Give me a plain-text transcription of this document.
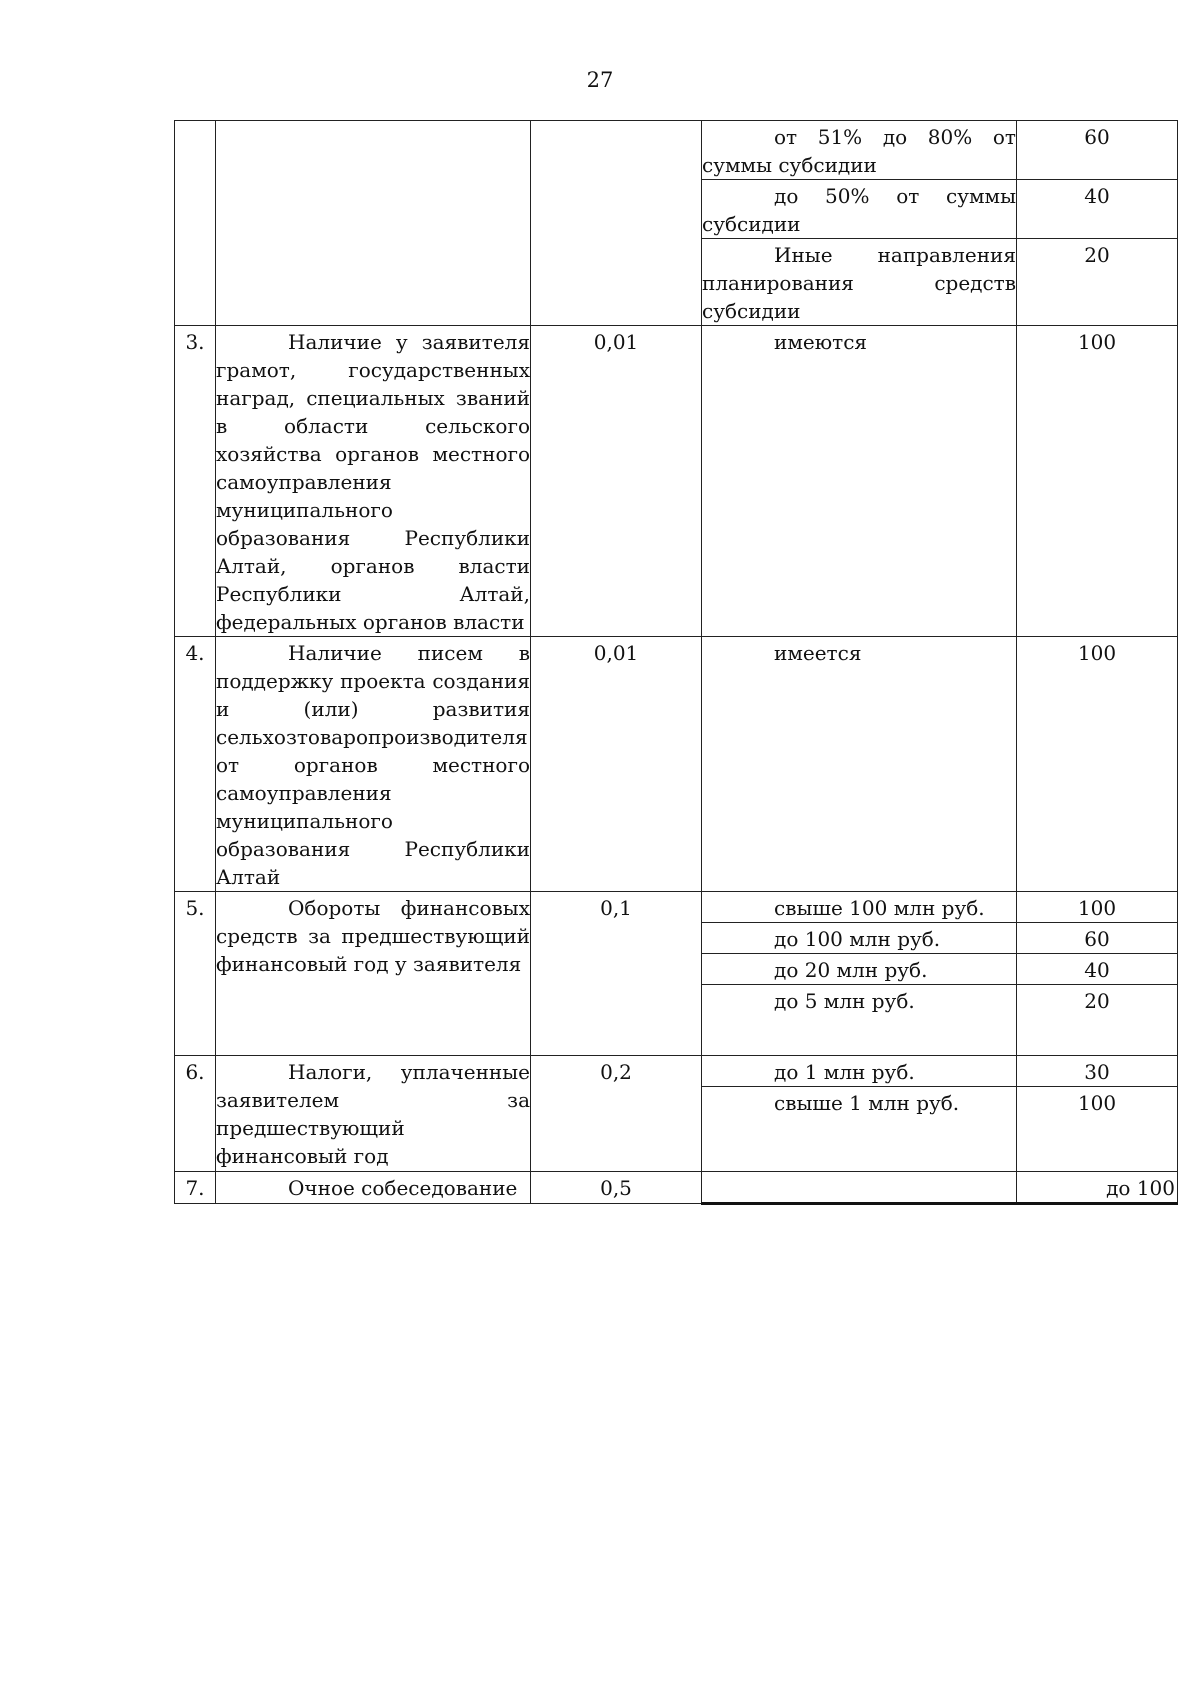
27

			от 51% до 80% от
суммы субсидии	60

			до 50% от суммы
субсидии	40

			Иные направления
планирования средств
субсидии	20
3.	Наличие у заявителя грамот, государственных наград, специальных званий в области сельского хозяйства органов местного самоуправления муниципального образования Республики Алтай, органов власти Республики Алтай, федеральных органов власти	0,01	имеются	100
4.	Наличие писем в поддержку проекта создания и (или) развития сельхозтоваропроизводителя от органов местного самоуправления муниципального образования Республики Алтай	0,01	имеется	100
5.	Обороты финансовых средств за предшествующий финансовый год у заявителя	0,1	свыше 100 млн руб.	100
			до 100 млн руб.	60
			до 20 млн руб.	40
			до 5 млн руб.	20
6.	Налоги, уплаченные заявителем за предшествующий финансовый год	0,2	до 1 млн руб.	30
			свыше 1 млн руб.	100
7.	Очное собеседование	0,5		до 100
